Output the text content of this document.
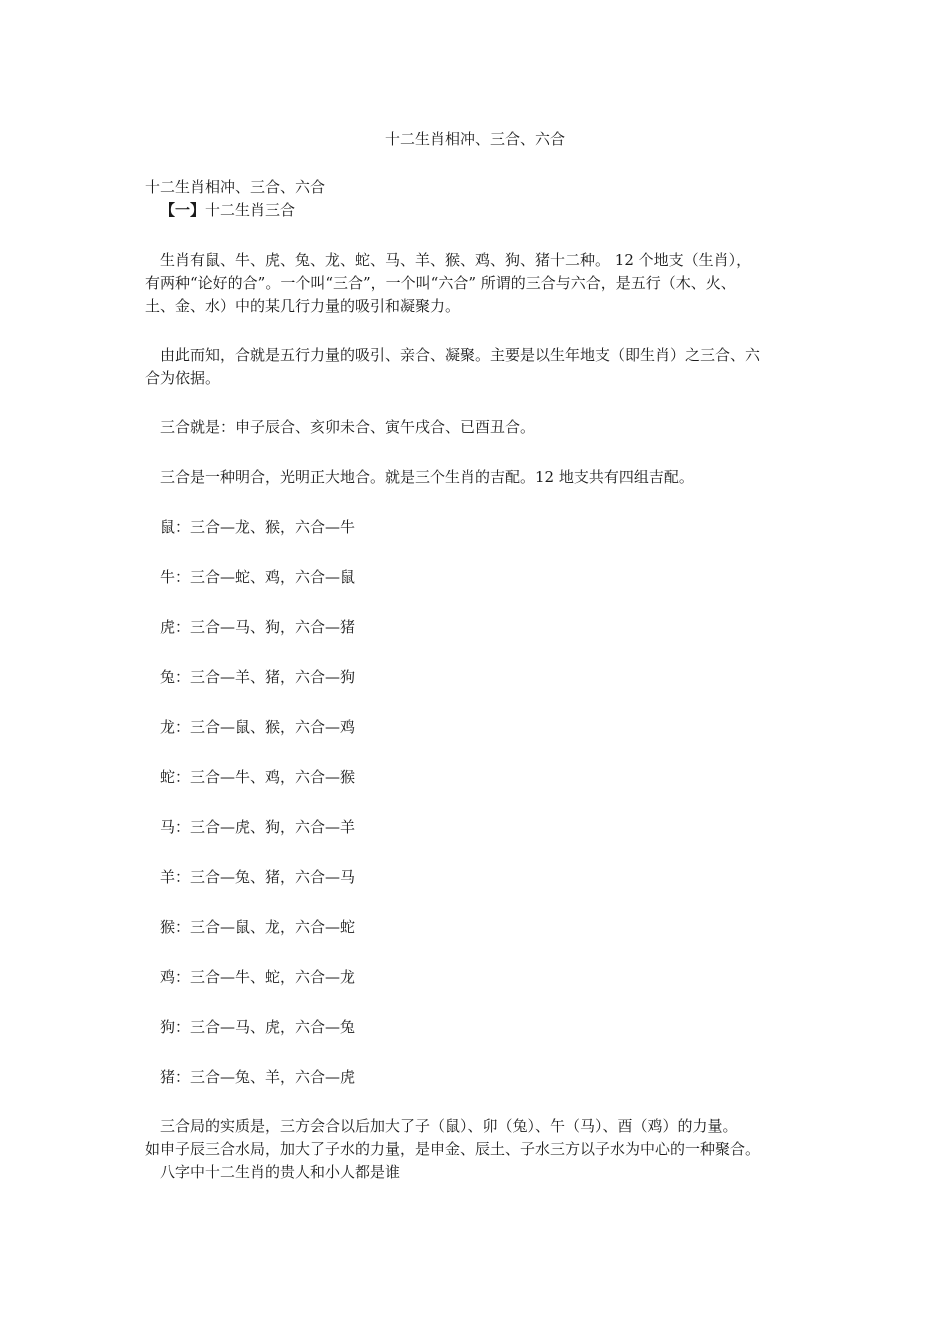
十二生肖相冲、三合、六合

十二生肖相冲、三合、六合

【一】十二生肖三合

生肖有鼠、牛、虎、兔、龙、蛇、马、羊、猴、鸡、狗、猪十二种。 12 个地支（生肖），

有两种“论好的合”。一个叫“三合”，一个叫“六合” 所谓的三合与六合，是五行（木、火、

土、金、水）中的某几行力量的吸引和凝聚力。

由此而知，合就是五行力量的吸引、亲合、凝聚。主要是以生年地支（即生肖）之三合、六

合为依据。

三合就是：申子辰合、亥卯未合、寅午戌合、已酉丑合。

三合是一种明合，光明正大地合。就是三个生肖的吉配。12 地支共有四组吉配。

鼠：三合—龙、猴，六合—牛

牛：三合—蛇、鸡，六合—鼠

虎：三合—马、狗，六合—猪

兔：三合—羊、猪，六合—狗

龙：三合—鼠、猴，六合—鸡

蛇：三合—牛、鸡，六合—猴

马：三合—虎、狗，六合—羊

羊：三合—兔、猪，六合—马

猴：三合—鼠、龙，六合—蛇

鸡：三合—牛、蛇，六合—龙

狗：三合—马、虎，六合—兔

猪：三合—兔、羊，六合—虎

三合局的实质是，三方会合以后加大了子（鼠）、卯（兔）、午（马）、酉（鸡）的力量。

如申子辰三合水局，加大了子水的力量，是申金、辰土、子水三方以子水为中心的一种聚合。

八字中十二生肖的贵人和小人都是谁
